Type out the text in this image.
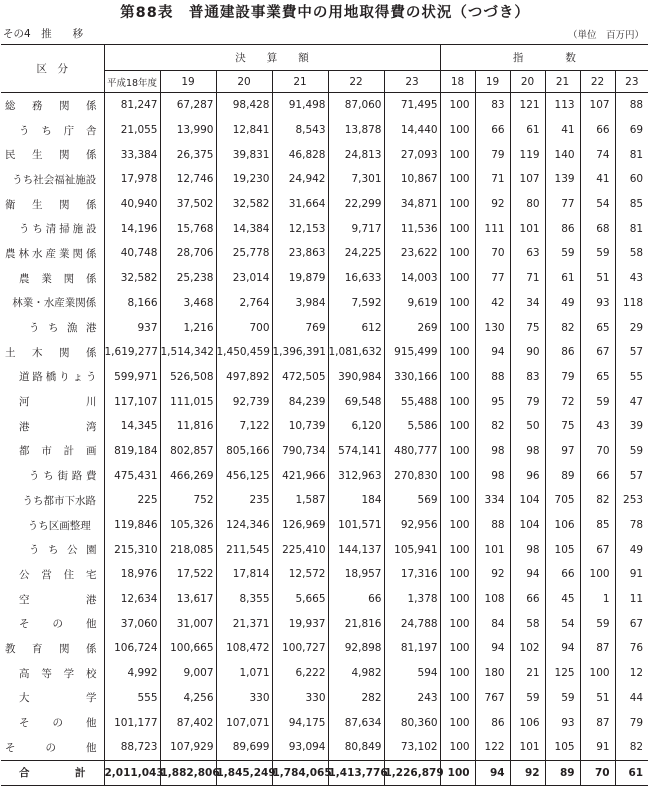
第88表　普通建設事業費中の用地取得費の状況（つづき）
その4　推　　移	（単位　百万円）
区　分	決　　算　　額						指　　　　数					
	平成18年度	19	20	21	22	23	18	19	20	21	22	23

総務関係	81,247	67,287	98,428	91,498	87,060	71,495	100	83	121	113	107	88

うち庁舎	21,055	13,990	12,841	8,543	13,878	14,440	100	66	61	41	66	69

民生関係	33,384	26,375	39,831	46,828	24,813	27,093	100	79	119	140	74	81

うち社会福祉施設	17,978	12,746	19,230	24,942	7,301	10,867	100	71	107	139	41	60

衛生関係	40,940	37,502	32,582	31,664	22,299	34,871	100	92	80	77	54	85

うち清掃施設	14,196	15,768	14,384	12,153	9,717	11,536	100	111	101	86	68	81

農林水産業関係	40,748	28,706	25,778	23,863	24,225	23,622	100	70	63	59	59	58

農業関係	32,582	25,238	23,014	19,879	16,633	14,003	100	77	71	61	51	43

林業・水産業関係	8,166	3,468	2,764	3,984	7,592	9,619	100	42	34	49	93	118

うち漁港	937	1,216	700	769	612	269	100	130	75	82	65	29

土木関係	1,619,277	1,514,342	1,450,459	1,396,391	1,081,632	915,499	100	94	90	86	67	57

道路橋りょう	599,971	526,508	497,892	472,505	390,984	330,166	100	88	83	79	65	55

河川	117,107	111,015	92,739	84,239	69,548	55,488	100	95	79	72	59	47

港湾	14,345	11,816	7,122	10,739	6,120	5,586	100	82	50	75	43	39

都市計画	819,184	802,857	805,166	790,734	574,141	480,777	100	98	98	97	70	59

うち街路費	475,431	466,269	456,125	421,966	312,963	270,830	100	98	96	89	66	57

うち都市下水路	225	752	235	1,587	184	569	100	334	104	705	82	253

うち区画整理	119,846	105,326	124,346	126,969	101,571	92,956	100	88	104	106	85	78

うち公園	215,310	218,085	211,545	225,410	144,137	105,941	100	101	98	105	67	49

公営住宅	18,976	17,522	17,814	12,572	18,957	17,316	100	92	94	66	100	91

空港	12,634	13,617	8,355	5,665	66	1,378	100	108	66	45	1	11

その他	37,060	31,007	21,371	19,937	21,816	24,788	100	84	58	54	59	67

教育関係	106,724	100,665	108,472	100,727	92,898	81,197	100	94	102	94	87	76

高等学校	4,992	9,007	1,071	6,222	4,982	594	100	180	21	125	100	12

大学	555	4,256	330	330	282	243	100	767	59	59	51	44

その他	101,177	87,402	107,071	94,175	87,634	80,360	100	86	106	93	87	79

その他	88,723	107,929	89,699	93,094	80,849	73,102	100	122	101	105	91	82

合計	2,011,043	1,882,806	1,845,249	1,784,065	1,413,776	1,226,879	100	94	92	89	70	61
